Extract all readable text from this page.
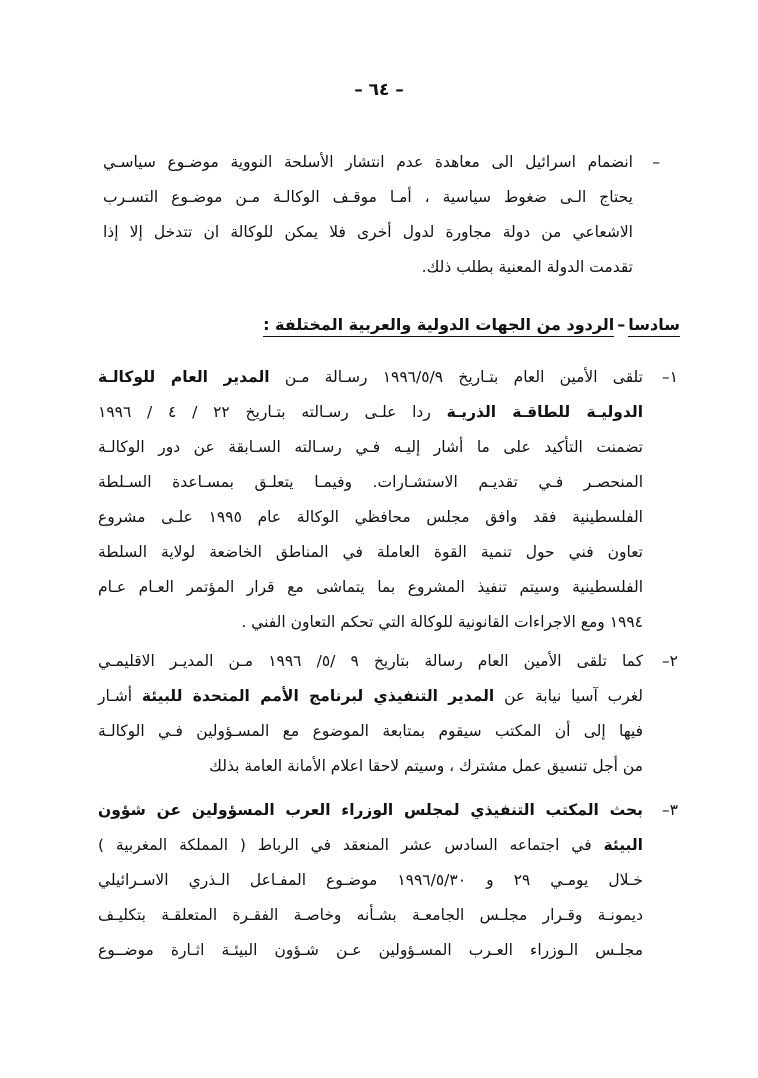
– ٦٤ –
–
انضمام اسرائيل الى معاهدة عدم انتشار الأسلحة النووية موضـوع سياسـي
يحتاج الـى ضغوط سياسية ، أمـا موقـف الوكالـة مـن موضـوع التسـرب
الاشعاعي من دولة مجاورة لدول أخرى فلا يمكن للوكالة ان تتدخل إلا إذا
تقدمت الدولة المعنية بطلب ذلك.
سادسا–الردود من الجهات الدولية والعربية المختلفة :
١–
تلقى الأمين العام بتـاريخ ١٩٩٦/٥/٩ رسـالة مـن المدير العام للوكالـة
الدوليـة للطاقـة الذريـة ردا علـى رسـالته بتـاريخ ٢٢ / ٤ / ١٩٩٦
تضمنت التأكيد على ما أشار إليـه فـي رسـالته السـابقة عن دور الوكالـة
المنحصـر فـي تقديـم الاستشـارات. وفيمـا يتعلـق بمسـاعدة السـلطة
الفلسطينية فقد وافق مجلس محافظي الوكالة عام ١٩٩٥ علـى مشروع
تعاون فني حول تنمية القوة العاملة في المناطق الخاضعة لولاية السلطة
الفلسطينية وسيتم تنفيذ المشروع بما يتماشى مع قرار المؤتمر العـام عـام
١٩٩٤ ومع الاجراءات القانونية للوكالة التي تحكم التعاون الفني .
٢–
كما تلقى الأمين العام رسالة بتاريخ ٩ /٥/ ١٩٩٦ مـن المديـر الاقليمـي
لغرب آسيا نيابة عن المدير التنفيذي لبرنامج الأمم المتحدة للبيئة أشـار
فيها إلى أن المكتب سيقوم بمتابعة الموضوع مع المسـؤولين فـي الوكالـة
من أجل تنسيق عمل مشترك ، وسيتم لاحقا اعلام الأمانة العامة بذلك
٣–
بحث المكتب التنفيذي لمجلس الوزراء العرب المسؤولين عن شؤون
البيئة في اجتماعه السادس عشر المنعقد في الرباط ( المملكة المغربية )
خـلال يومـي ٢٩ و ١٩٩٦/٥/٣٠ موضـوع المفـاعل الـذري الاسـرائيلي
ديمونـة وقـرار مجلـس الجامعـة بشـأنه وخاصـة الفقـرة المتعلقـة بتكليـف
مجلـس الـوزراء العـرب المسـؤولين عـن شـؤون البيئـة اثـارة موضــوع
